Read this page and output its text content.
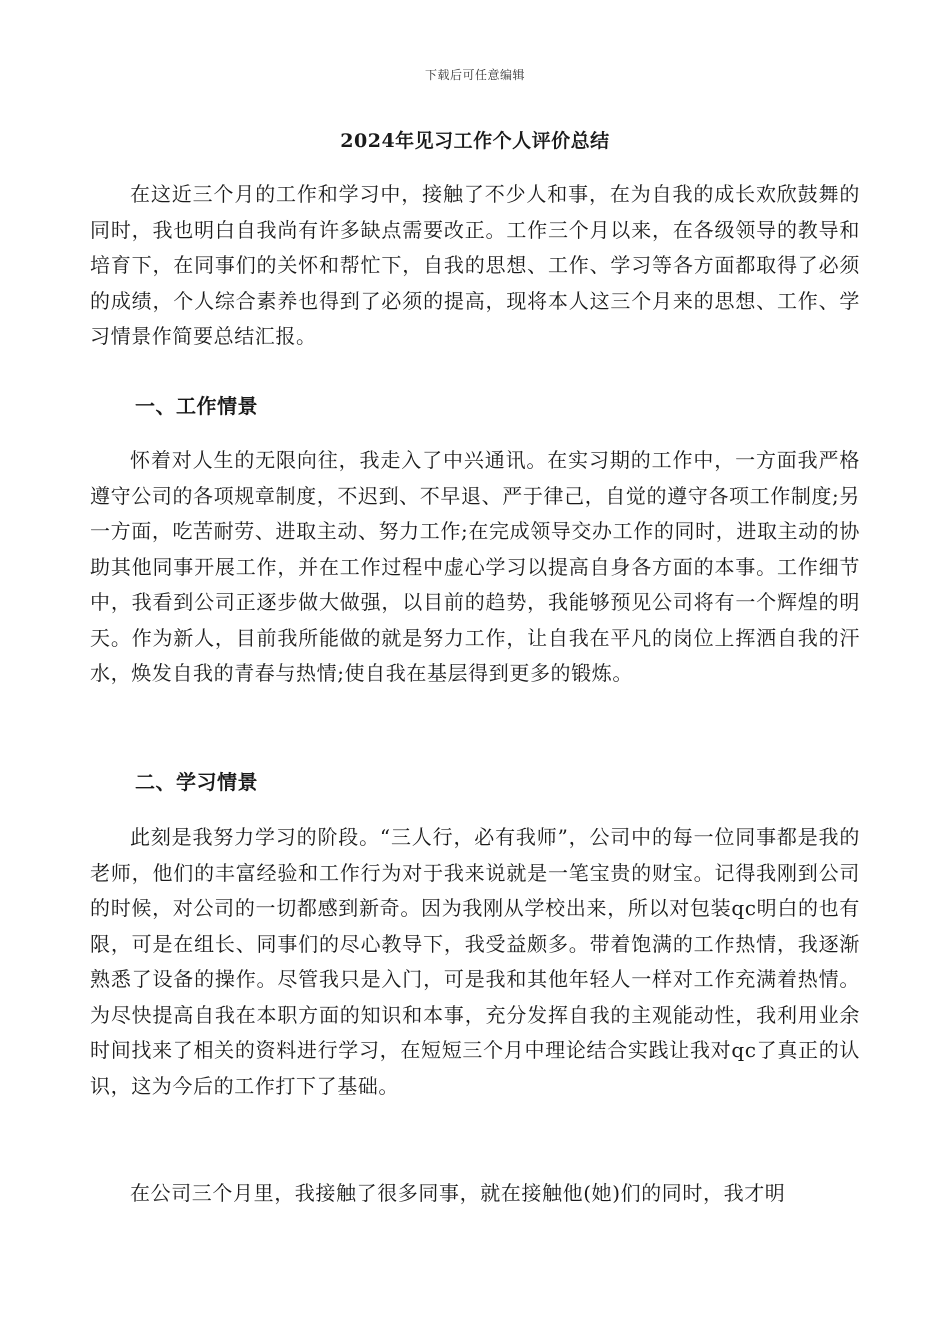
下载后可任意编辑
2024年见习工作个人评价总结

在这近三个月的工作和学习中，接触了不少人和事，在为自我的成长欢欣鼓舞的同时，我也明白自我尚有许多缺点需要改正。工作三个月以来，在各级领导的教导和培育下，在同事们的关怀和帮忙下，自我的思想、工作、学习等各方面都取得了必须的成绩，个人综合素养也得到了必须的提高，现将本人这三个月来的思想、工作、学习情景作简要总结汇报。

一、工作情景

怀着对人生的无限向往，我走入了中兴通讯。在实习期的工作中，一方面我严格遵守公司的各项规章制度，不迟到、不早退、严于律己，自觉的遵守各项工作制度;另一方面，吃苦耐劳、进取主动、努力工作;在完成领导交办工作的同时，进取主动的协助其他同事开展工作，并在工作过程中虚心学习以提高自身各方面的本事。工作细节中，我看到公司正逐步做大做强，以目前的趋势，我能够预见公司将有一个辉煌的明天。作为新人，目前我所能做的就是努力工作，让自我在平凡的岗位上挥洒自我的汗水，焕发自我的青春与热情;使自我在基层得到更多的锻炼。

二、学习情景

此刻是我努力学习的阶段。“三人行，必有我师”，公司中的每一位同事都是我的老师，他们的丰富经验和工作行为对于我来说就是一笔宝贵的财宝。记得我刚到公司的时候，对公司的一切都感到新奇。因为我刚从学校出来，所以对包装qc明白的也有限，可是在组长、同事们的尽心教导下，我受益颇多。带着饱满的工作热情，我逐渐熟悉了设备的操作。尽管我只是入门，可是我和其他年轻人一样对工作充满着热情。为尽快提高自我在本职方面的知识和本事，充分发挥自我的主观能动性，我利用业余时间找来了相关的资料进行学习，在短短三个月中理论结合实践让我对qc了真正的认识，这为今后的工作打下了基础。

在公司三个月里，我接触了很多同事，就在接触他(她)们的同时，我才明
